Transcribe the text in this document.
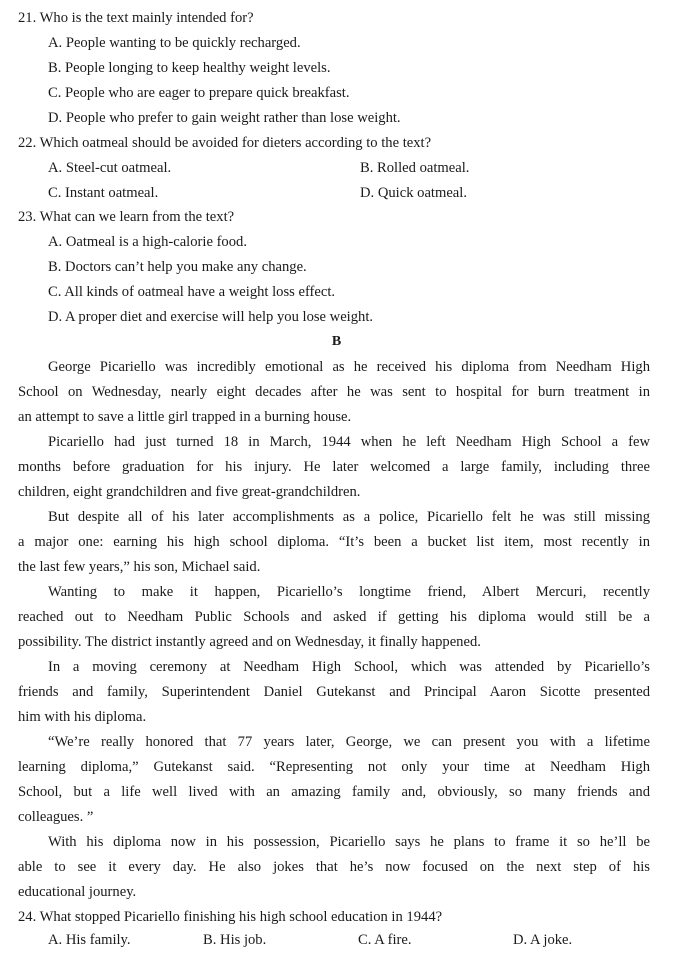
21. Who is the text mainly intended for?
A. People wanting to be quickly recharged.
B. People longing to keep healthy weight levels.
C. People who are eager to prepare quick breakfast.
D. People who prefer to gain weight rather than lose weight.
22. Which oatmeal should be avoided for dieters according to the text?
A. Steel-cut oatmeal.	B. Rolled oatmeal.
C. Instant oatmeal.	D. Quick oatmeal.
23. What can we learn from the text?
A. Oatmeal is a high-calorie food.
B. Doctors can’t help you make any change.
C. All kinds of oatmeal have a weight loss effect.
D. A proper diet and exercise will help you lose weight.
B
George Picariello was incredibly emotional as he received his diploma from Needham High
School on Wednesday, nearly eight decades after he was sent to hospital for burn treatment in
an attempt to save a little girl trapped in a burning house.
Picariello had just turned 18 in March, 1944 when he left Needham High School a few
months before graduation for his injury. He later welcomed a large family, including three
children, eight grandchildren and five great-grandchildren.
But despite all of his later accomplishments as a police, Picariello felt he was still missing
a major one: earning his high school diploma. “It’s been a bucket list item, most recently in
the last few years,” his son, Michael said.
Wanting to make it happen, Picariello’s longtime friend, Albert Mercuri, recently
reached out to Needham Public Schools and asked if getting his diploma would still be a
possibility. The district instantly agreed and on Wednesday, it finally happened.
In a moving ceremony at Needham High School, which was attended by Picariello’s
friends and family, Superintendent Daniel Gutekanst and Principal Aaron Sicotte presented
him with his diploma.
“We’re really honored that 77 years later, George, we can present you with a lifetime
learning diploma,” Gutekanst said. “Representing not only your time at Needham High
School, but a life well lived with an amazing family and, obviously, so many friends and
colleagues. ”
With his diploma now in his possession, Picariello says he plans to frame it so he’ll be
able to see it every day. He also jokes that he’s now focused on the next step of his
educational journey.
24. What stopped Picariello finishing his high school education in 1944?
A. His family.	B. His job.	C. A fire.	D. A joke.
